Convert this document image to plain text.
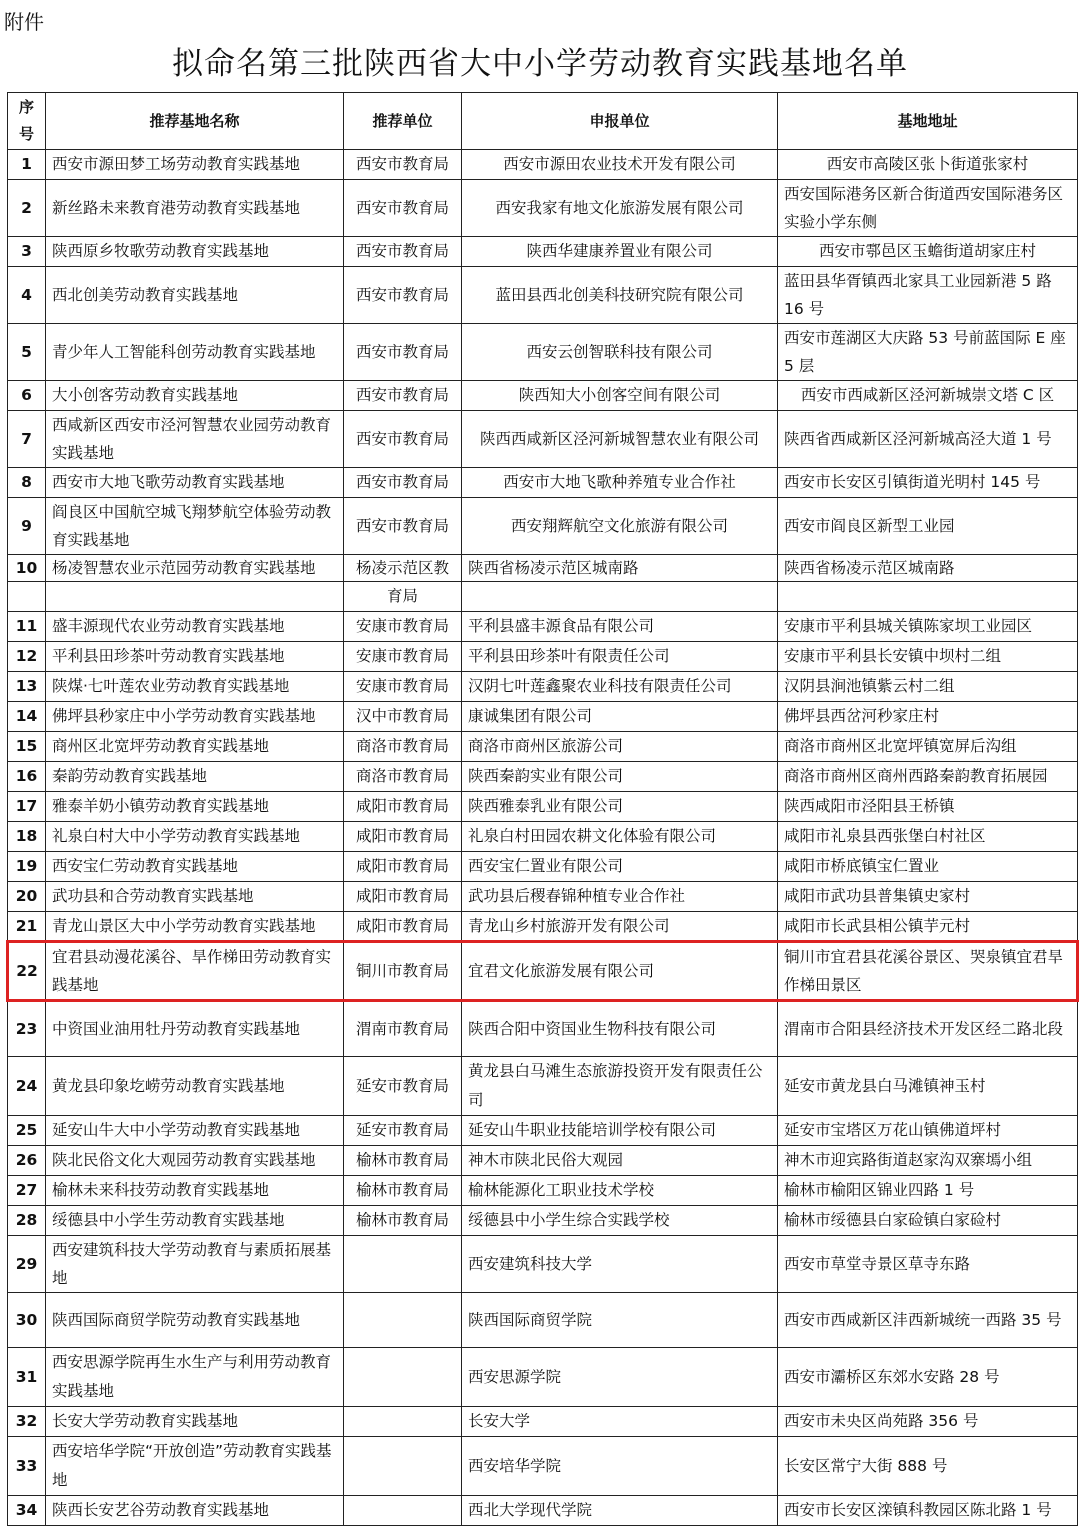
附件
拟命名第三批陕西省大中小学劳动教育实践基地名单
序号	推荐基地名称	推荐单位	申报单位	基地地址
1	西安市源田梦工场劳动教育实践基地	西安市教育局	西安市源田农业技术开发有限公司	西安市高陵区张卜街道张家村
2	新丝路未来教育港劳动教育实践基地	西安市教育局	西安我家有地文化旅游发展有限公司	西安国际港务区新合街道西安国际港务区实验小学东侧
3	陕西原乡牧歌劳动教育实践基地	西安市教育局	陕西华建康养置业有限公司	西安市鄠邑区玉蟾街道胡家庄村
4	西北创美劳动教育实践基地	西安市教育局	蓝田县西北创美科技研究院有限公司	蓝田县华胥镇西北家具工业园新港 5 路 16 号
5	青少年人工智能科创劳动教育实践基地	西安市教育局	西安云创智联科技有限公司	西安市莲湖区大庆路 53 号前蓝国际 E 座 5 层
6	大小创客劳动教育实践基地	西安市教育局	陕西知大小创客空间有限公司	西安市西咸新区泾河新城崇文塔 C 区
7	西咸新区西安市泾河智慧农业园劳动教育实践基地	西安市教育局	陕西西咸新区泾河新城智慧农业有限公司	陕西省西咸新区泾河新城高泾大道 1 号
8	西安市大地飞歌劳动教育实践基地	西安市教育局	西安市大地飞歌种养殖专业合作社	西安市长安区引镇街道光明村 145 号
9	阎良区中国航空城飞翔梦航空体验劳动教育实践基地	西安市教育局	西安翔辉航空文化旅游有限公司	西安市阎良区新型工业园
10	杨凌智慧农业示范园劳动教育实践基地	杨凌示范区教	陕西省杨凌示范区城南路	陕西省杨凌示范区城南路
		育局		
11	盛丰源现代农业劳动教育实践基地	安康市教育局	平利县盛丰源食品有限公司	安康市平利县城关镇陈家坝工业园区
12	平利县田珍茶叶劳动教育实践基地	安康市教育局	平利县田珍茶叶有限责任公司	安康市平利县长安镇中坝村二组
13	陕煤·七叶莲农业劳动教育实践基地	安康市教育局	汉阴七叶莲鑫聚农业科技有限责任公司	汉阴县涧池镇紫云村二组
14	佛坪县秒家庄中小学劳动教育实践基地	汉中市教育局	康诚集团有限公司	佛坪县西岔河秒家庄村
15	商州区北宽坪劳动教育实践基地	商洛市教育局	商洛市商州区旅游公司	商洛市商州区北宽坪镇宽屏后沟组
16	秦韵劳动教育实践基地	商洛市教育局	陕西秦韵实业有限公司	商洛市商州区商州西路秦韵教育拓展园
17	雅泰羊奶小镇劳动教育实践基地	咸阳市教育局	陕西雅泰乳业有限公司	陕西咸阳市泾阳县王桥镇
18	礼泉白村大中小学劳动教育实践基地	咸阳市教育局	礼泉白村田园农耕文化体验有限公司	咸阳市礼泉县西张堡白村社区
19	西安宝仁劳动教育实践基地	咸阳市教育局	西安宝仁置业有限公司	咸阳市桥底镇宝仁置业
20	武功县和合劳动教育实践基地	咸阳市教育局	武功县后稷春锦种植专业合作社	咸阳市武功县普集镇史家村
21	青龙山景区大中小学劳动教育实践基地	咸阳市教育局	青龙山乡村旅游开发有限公司	咸阳市长武县相公镇芋元村
22	宜君县动漫花溪谷、旱作梯田劳动教育实践基地	铜川市教育局	宜君文化旅游发展有限公司	铜川市宜君县花溪谷景区、哭泉镇宜君旱作梯田景区
23	中资国业油用牡丹劳动教育实践基地	渭南市教育局	陕西合阳中资国业生物科技有限公司	渭南市合阳县经济技术开发区经二路北段
24	黄龙县印象圪崂劳动教育实践基地	延安市教育局	黄龙县白马滩生态旅游投资开发有限责任公司	延安市黄龙县白马滩镇神玉村
25	延安山牛大中小学劳动教育实践基地	延安市教育局	延安山牛职业技能培训学校有限公司	延安市宝塔区万花山镇佛道坪村
26	陕北民俗文化大观园劳动教育实践基地	榆林市教育局	神木市陕北民俗大观园	神木市迎宾路街道赵家沟双寨墕小组
27	榆林未来科技劳动教育实践基地	榆林市教育局	榆林能源化工职业技术学校	榆林市榆阳区锦业四路 1 号
28	绥德县中小学生劳动教育实践基地	榆林市教育局	绥德县中小学生综合实践学校	榆林市绥德县白家硷镇白家硷村
29	西安建筑科技大学劳动教育与素质拓展基地		西安建筑科技大学	西安市草堂寺景区草寺东路
30	陕西国际商贸学院劳动教育实践基地		陕西国际商贸学院	西安市西咸新区沣西新城统一西路 35 号
31	西安思源学院再生水生产与利用劳动教育实践基地		西安思源学院	西安市灞桥区东郊水安路 28 号
32	长安大学劳动教育实践基地		长安大学	西安市未央区尚苑路 356 号
33	西安培华学院“开放创造”劳动教育实践基地		西安培华学院	长安区常宁大街 888 号
34	陕西长安艺谷劳动教育实践基地		西北大学现代学院	西安市长安区滦镇科教园区陈北路 1 号
